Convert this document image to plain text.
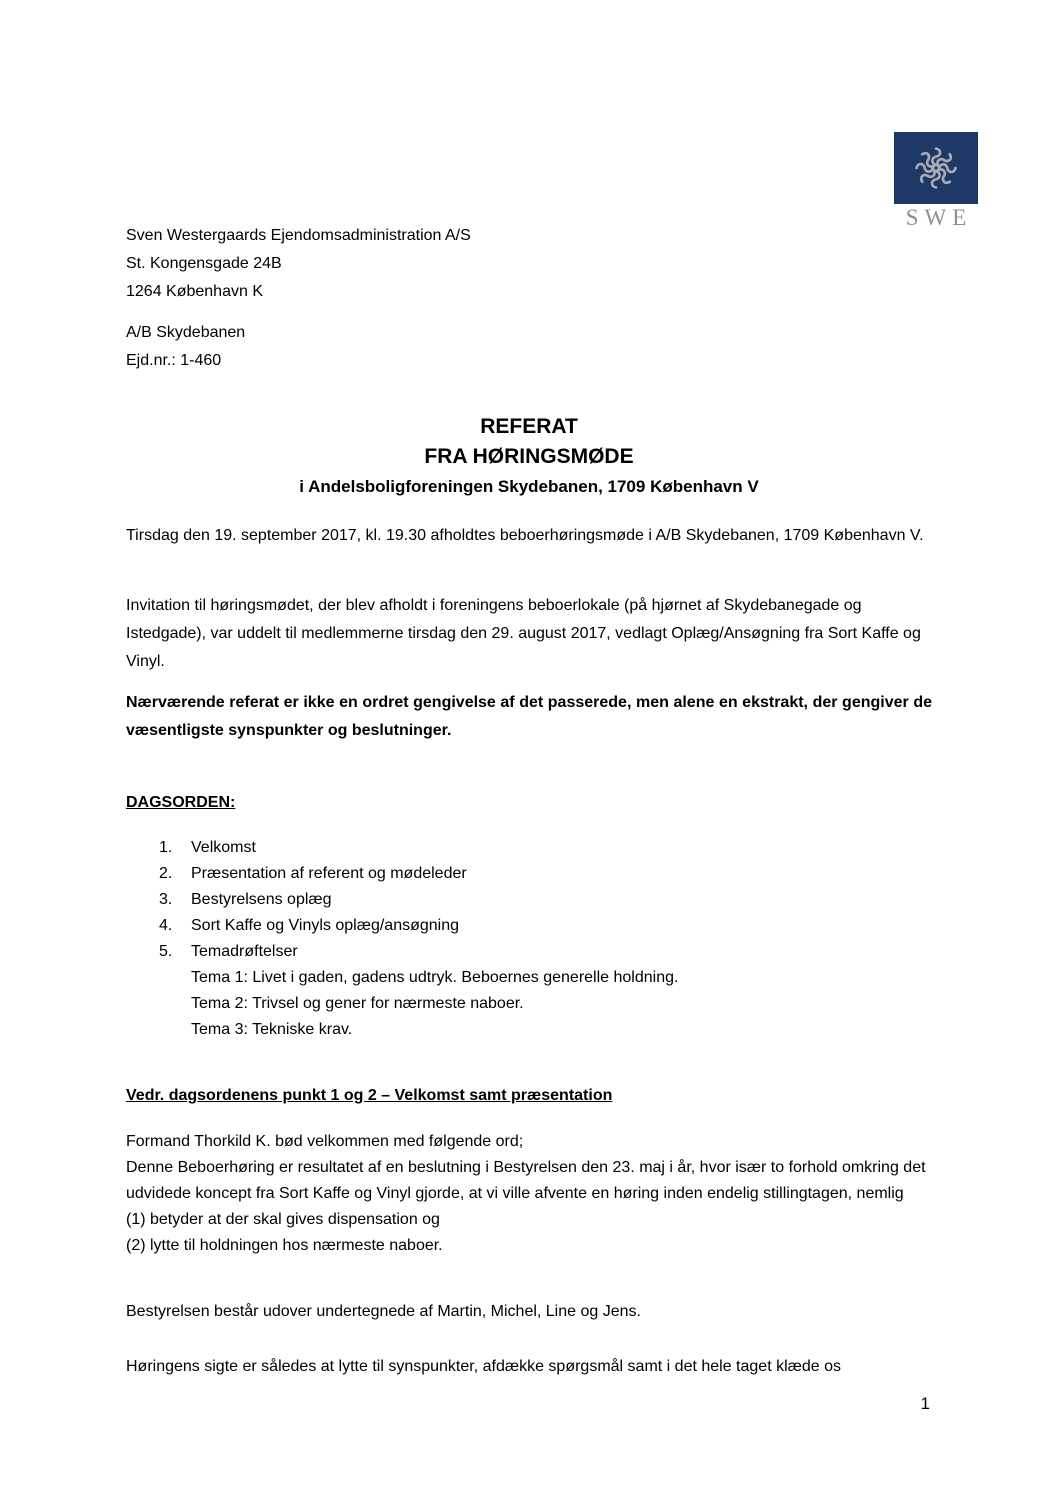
SWE
Sven Westergaards Ejendomsadministration A/S
St. Kongensgade 24B
1264 København K
A/B Skydebanen
Ejd.nr.: 1-460
REFERAT
FRA HØRINGSMØDE
i Andelsboligforeningen Skydebanen, 1709 København V
Tirsdag den 19. september 2017, kl. 19.30 afholdtes beboerhøringsmøde i A/B Skydebanen, 1709 København V.
Invitation til høringsmødet, der blev afholdt i foreningens beboerlokale (på hjørnet af Skydebanegade og Istedgade), var uddelt til medlemmerne tirsdag den 29. august 2017, vedlagt Oplæg/Ansøgning fra Sort Kaffe og Vinyl.
Nærværende referat er ikke en ordret gengivelse af det passerede, men alene en ekstrakt, der gengiver de væsentligste synspunkter og beslutninger.
DAGSORDEN:
1.	Velkomst
2.	Præsentation af referent og mødeleder
3.	Bestyrelsens oplæg
4.	Sort Kaffe og Vinyls oplæg/ansøgning
5.	Temadrøftelser
Tema 1: Livet i gaden, gadens udtryk. Beboernes generelle holdning.
Tema 2: Trivsel og gener for nærmeste naboer.
Tema 3: Tekniske krav.
Vedr. dagsordenens punkt 1 og 2 – Velkomst samt præsentation
Formand Thorkild K. bød velkommen med følgende ord;
Denne Beboerhøring er resultatet af en beslutning i Bestyrelsen den 23. maj i år, hvor især to forhold omkring det udvidede koncept fra Sort Kaffe og Vinyl gjorde, at vi ville afvente en høring inden endelig stillingtagen, nemlig
(1) betyder at der skal gives dispensation og
(2) lytte til holdningen hos nærmeste naboer.
Bestyrelsen består udover undertegnede af Martin, Michel, Line og Jens.
Høringens sigte er således at lytte til synspunkter, afdække spørgsmål samt i det hele taget klæde os
1
